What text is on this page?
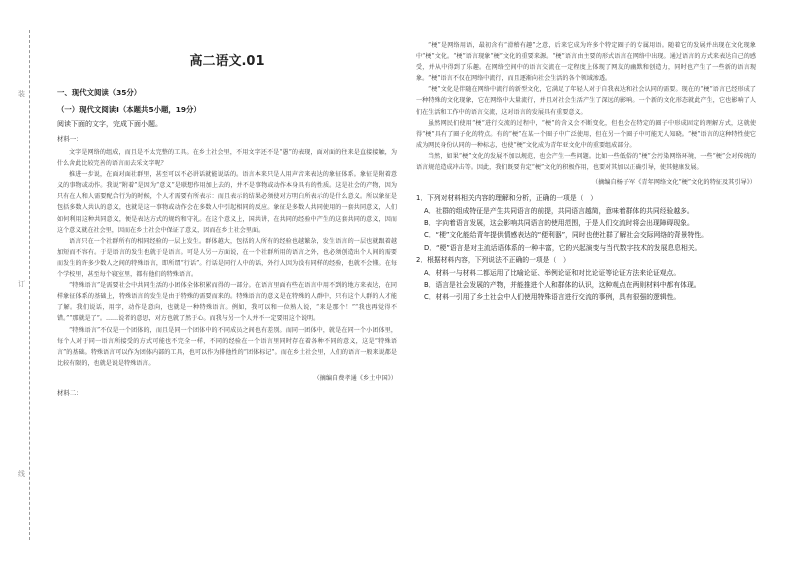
装
订
线
高二语文.01
一、现代文阅读（35分）
（一）现代文阅读Ⅰ（本题共5小题，19分）
阅读下面的文字，完成下面小题。
材料一：

文字是网络的组成，而且是不太完整的工具。在乡土社会里，不用文字还不是“愚”的表现，面对面的往来是直接接触，为什么舍此比较完善的语言而去采文字呢？

推进一步说，在面对面社群里，甚至可以不必讲话就能说话的。语言本来只是人用声音来表达的象征体系。象征是附着意义的事物或动作。我说“附着”是因为“意义”是联想作用加上去的，并不是事物或动作本身具有的性质。这是社会的产物，因为只有在人和人需要配合行为的时候，个人才需要有所表示：而且表示的结果必须使对方明白所表示的是什么意义。所以象征是包括多数人共认的意义，也就是这一事物或动作会在多数人中引起相同的反应。象征是多数人共同使用的一套共同意义，人们如何利用这种共同意义，便是表达方式的规约和守礼。在这个意义上，国共讲，在共同的经验中产生的这套共同的意义，因而这个意义就在社会里，因而在乡土社会中保证了意义，因而在乡土社会里面。

语言只在一个社群所有的相同经验的一层上发生。群体越大，包括的人所有的经验也越繁杂，发生语言的一层也就跟着越加短而不容有。于是语言的发生也就于是语言。可是人另一方面说，在一个社群所用的语言之外，也必须创造出个人间的需要而发生的许多少数人之间的特殊语言，即所谓“行话”。行话是同行人中的话，外行人因为没有同样的经验，也就不会懂。在每个学校里，甚至每个寝室里，都有他们的特殊语言。

“特殊语言”是需要社会中共同生活的小团体全体积累而得的一部分。在语言里面有些在语言中用不到的地方来表达，在同样象征体系的基础上，特殊语言的发生是由于特殊的需要而来的。特殊语言的意义是在特殊的人群中，只有这个人群的人才能了解。我们说话，用字，动作是意向，也就是一种特殊语言。例如，我可以和一位熟人说，“来是那个！”“我也再觉得不错。”“那就是了”。……说者的意思，对方也就了然于心。而我与另一个人并不一定要用这个说明。

“特殊语言”不仅是一个团体的，而且是同一个团体中的不同成员之间也有差别。而同一团体中，就是在同一个小团体里，每个人对于同一语言所接受的方式可能也不完全一样，不同的经验在一个语言里同时存在着各种不同的意义，这是“特殊语言”的基础。特殊语言可以作为团体内部的工具，也可以作为排他性的“团体标记”。而在乡土社会里，人们的语言一般来说都是比较有限的，也就是说是特殊语言。

（摘编自费孝通《乡土中国》）
材料二：

“梗”是网络用语，最初含有“滑稽有趣”之意，后来它成为许多个特定圈子的专属用语。随着它的发展并出现在文化现象中“梗”文化。“梗”语言现象“梗”文化的重要来源。“梗”语言由主要的形式语言在网络中出现。通过语言的方式来表达自己的感受，并从中得到了乐趣。在网络空间中的语言交流在一定程度上体现了网友的幽默和创造力，同时也产生了一些新的语言现象。“梗”语言不仅在网络中流行，而且逐渐向社会生活的各个领域渗透。

“梗”文化是伴随在网络中流行的新型文化，它满足了年轻人对于自我表达和社会认同的需要。现在的“梗”语言已经形成了一种特殊的文化现象，它在网络中大量流行，并且对社会生活产生了深远的影响。一个新的文化形态就此产生，它也影响了人们在生活和工作中的语言交流，这对语言的发展具有重要意义。

虽然网民们使用“梗”进行交流的过程中，“梗”的含义会不断变化，但也会在特定的圈子中形成固定的理解方式，这就使得“梗”具有了圈子化的特点。有的“梗”在某一个圈子中广泛使用，但在另一个圈子中可能无人知晓。“梗”语言的这种特性使它成为网民身份认同的一种标志，也使“梗”文化成为青年亚文化中的重要组成部分。

当然，如果“梗”文化的发展不加以规范，也会产生一些问题。比如一些低俗的“梗”会污染网络环境，一些“梗”会对传统的语言规范造成冲击等。因此，我们既要肯定“梗”文化的积极作用，也要对其加以正确引导，使其健康发展。

（摘编自杨子军《青年网络文化“梗”文化的特征及其引导》）
1．下列对材料相关内容的理解和分析，正确的一项是（　）
A．社群的组成特征是产生共同语言的前提，共同语言越简，意味着群体的共同经验越多。
B．字向着语言发展，这会影响共同语言的使用范围，于是人们交流时将会出现障碍现象。
C．“梗”文化能给青年提供情感表达的“便利器”，同时也使社群了解社会交际网络的背景特性。
D．“梗”语言是对主流话语体系的一种丰富，它的兴起演变与当代数字技术的发展息息相关。
2．根据材料内容，下列说法不正确的一项是（　）
A．材料一与材料二都运用了比喻论证、举例论证和对比论证等论证方法来论证观点。
B．语言是社会发展的产物，并能推进个人和群体的认识，这种观点在两则材料中都有体现。
C．材料一引用了乡土社会中人们使用特殊语言进行交流的事例，具有很强的逻辑性。
